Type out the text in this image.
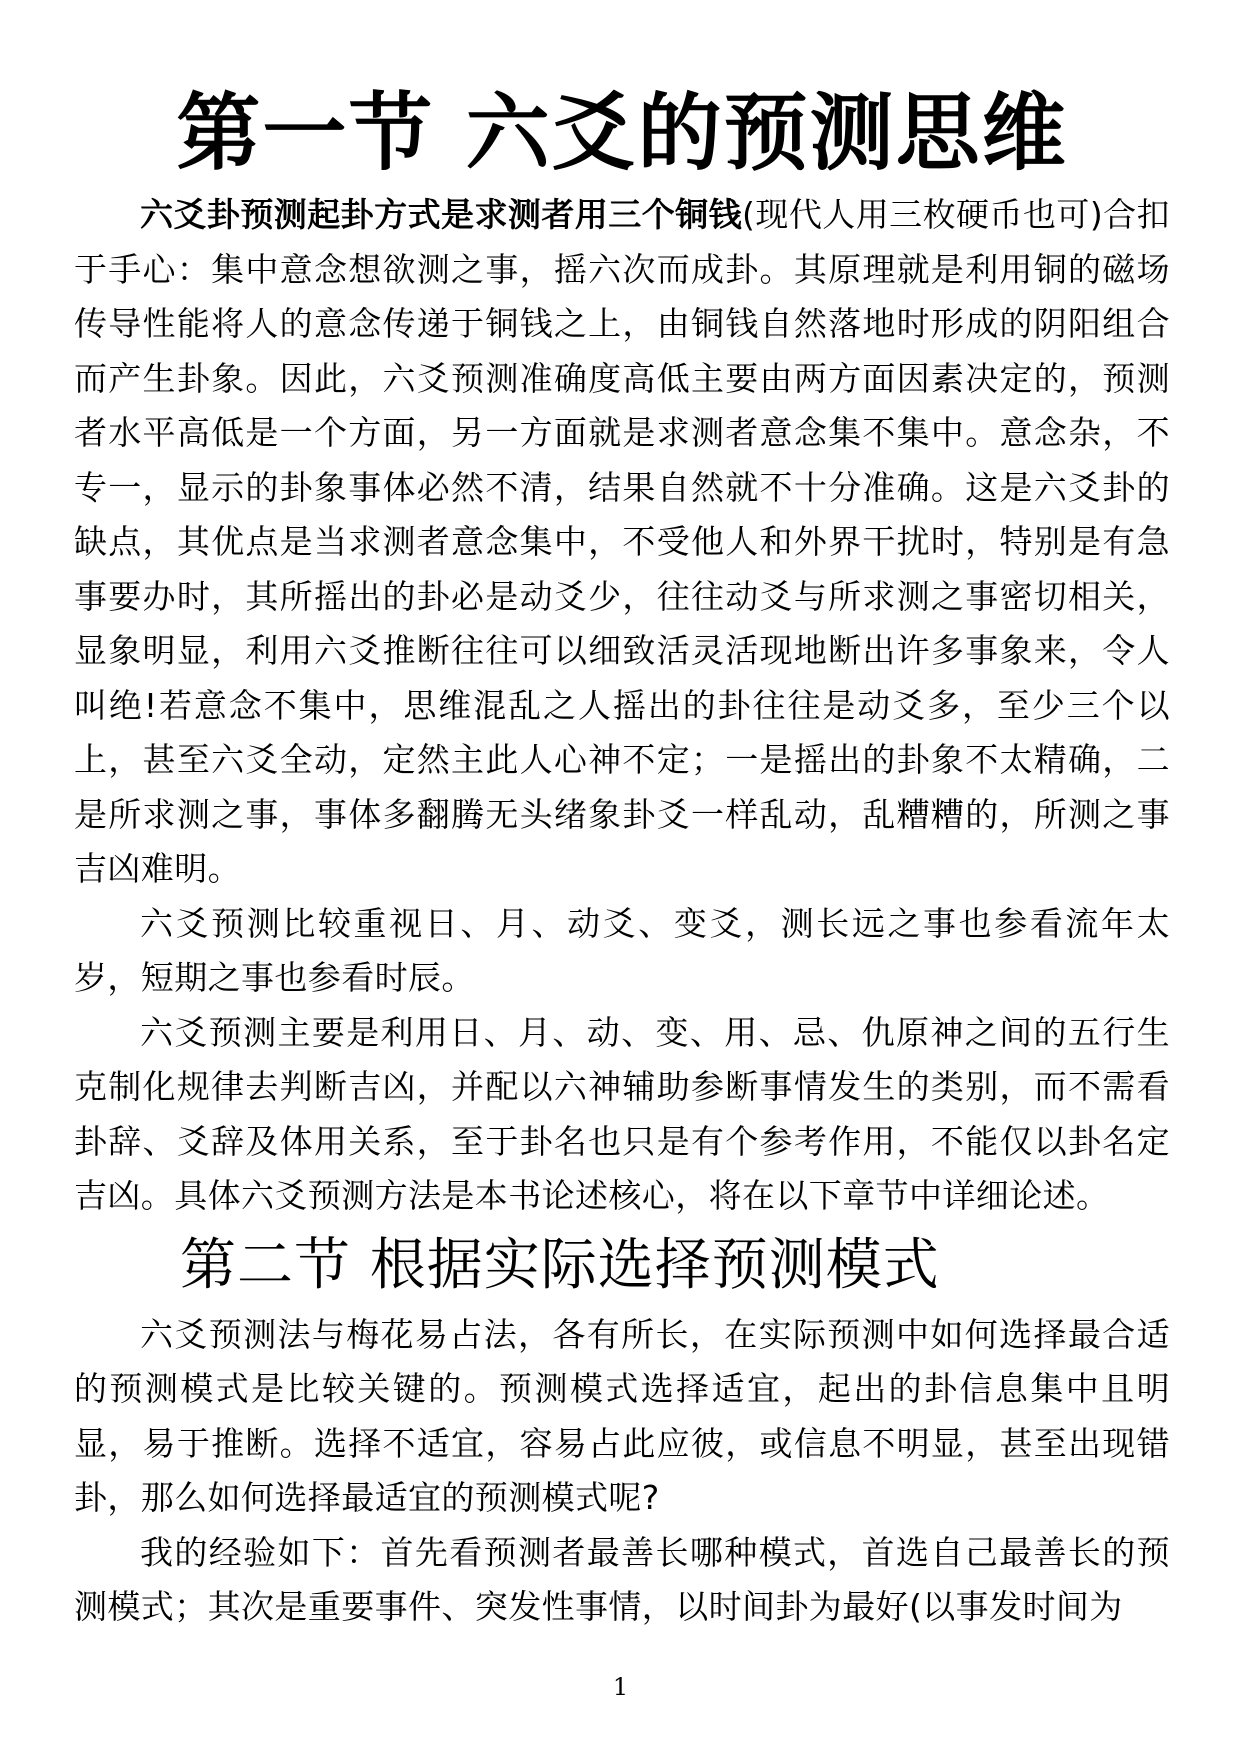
第一节 六爻的预测思维

六爻卦预测起卦方式是求测者用三个铜钱(现代人用三枚硬币也可)合扣于手心：集中意念想欲测之事，摇六次而成卦。其原理就是利用铜的磁场传导性能将人的意念传递于铜钱之上，由铜钱自然落地时形成的阴阳组合而产生卦象。因此，六爻预测准确度高低主要由两方面因素决定的，预测者水平高低是一个方面，另一方面就是求测者意念集不集中。意念杂，不专一，显示的卦象事体必然不清，结果自然就不十分准确。这是六爻卦的缺点，其优点是当求测者意念集中，不受他人和外界干扰时，特别是有急事要办时，其所摇出的卦必是动爻少，往往动爻与所求测之事密切相关，显象明显，利用六爻推断往往可以细致活灵活现地断出许多事象来，令人叫绝!若意念不集中，思维混乱之人摇出的卦往往是动爻多，至少三个以上，甚至六爻全动，定然主此人心神不定；一是摇出的卦象不太精确，二是所求测之事，事体多翻腾无头绪象卦爻一样乱动，乱糟糟的，所测之事吉凶难明。

六爻预测比较重视日、月、动爻、变爻，测长远之事也参看流年太岁，短期之事也参看时辰。

六爻预测主要是利用日、月、动、变、用、忌、仇原神之间的五行生克制化规律去判断吉凶，并配以六神辅助参断事情发生的类别，而不需看卦辞、爻辞及体用关系，至于卦名也只是有个参考作用，不能仅以卦名定吉凶。具体六爻预测方法是本书论述核心，将在以下章节中详细论述。

第二节 根据实际选择预测模式

六爻预测法与梅花易占法，各有所长，在实际预测中如何选择最合适的预测模式是比较关键的。预测模式选择适宜，起出的卦信息集中且明显，易于推断。选择不适宜，容易占此应彼，或信息不明显，甚至出现错卦，那么如何选择最适宜的预测模式呢?

我的经验如下：首先看预测者最善长哪种模式，首选自己最善长的预测模式；其次是重要事件、突发性事情，以时间卦为最好(以事发时间为

1
